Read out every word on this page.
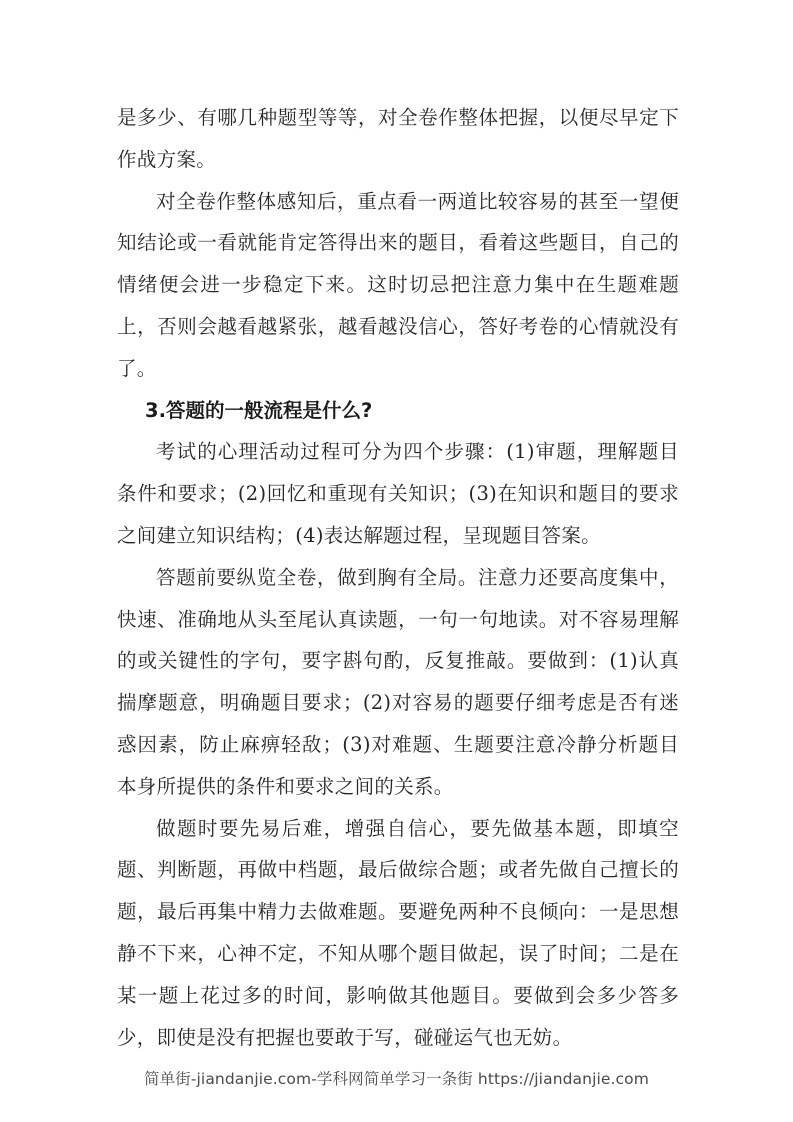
是多少、有哪几种题型等等，对全卷作整体把握，以便尽早定下作战方案。

对全卷作整体感知后，重点看一两道比较容易的甚至一望便知结论或一看就能肯定答得出来的题目，看着这些题目，自己的情绪便会进一步稳定下来。这时切忌把注意力集中在生题难题上，否则会越看越紧张，越看越没信心，答好考卷的心情就没有了。

3.答题的一般流程是什么?

考试的心理活动过程可分为四个步骤：(1)审题，理解题目条件和要求；(2)回忆和重现有关知识；(3)在知识和题目的要求之间建立知识结构；(4)表达解题过程，呈现题目答案。

答题前要纵览全卷，做到胸有全局。注意力还要高度集中，快速、准确地从头至尾认真读题，一句一句地读。对不容易理解的或关键性的字句，要字斟句酌，反复推敲。要做到：(1)认真揣摩题意，明确题目要求；(2)对容易的题要仔细考虑是否有迷惑因素，防止麻痹轻敌；(3)对难题、生题要注意冷静分析题目本身所提供的条件和要求之间的关系。

做题时要先易后难，增强自信心，要先做基本题，即填空题、判断题，再做中档题，最后做综合题；或者先做自己擅长的题，最后再集中精力去做难题。要避免两种不良倾向：一是思想静不下来，心神不定，不知从哪个题目做起，误了时间；二是在某一题上花过多的时间，影响做其他题目。要做到会多少答多少，即使是没有把握也要敢于写，碰碰运气也无妨。

简单街-jiandanjie.com-学科网简单学习一条街 https://jiandanjie.com
